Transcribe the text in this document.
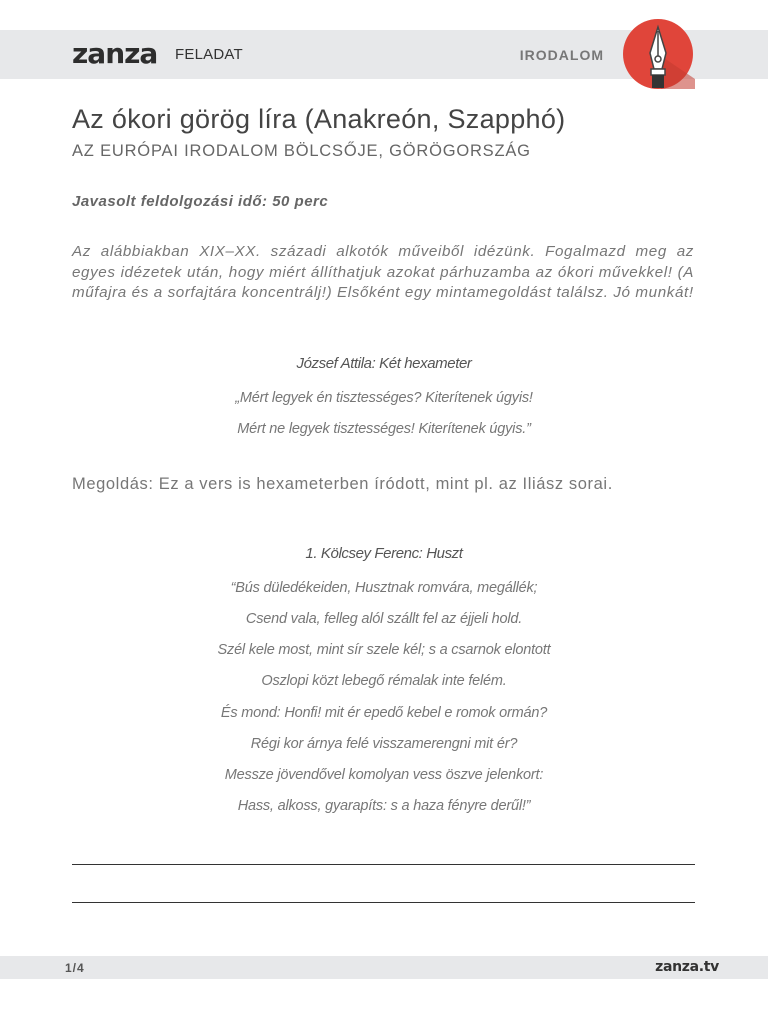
zanza FELADAT	IRODALOM
Az ókori görög líra (Anakreón, Szapphó)
AZ EURÓPAI IRODALOM BÖLCSŐJE, GÖRÖGORSZÁG
Javasolt feldolgozási idő: 50 perc
Az alábbiakban XIX–XX. századi alkotók műveiből idézünk. Fogalmazd meg az egyes idézetek után, hogy miért állíthatjuk azokat párhuzamba az ókori művekkel! (A műfajra és a sorfajtára koncentrálj!) Elsőként egy mintamegoldást találsz. Jó munkát!
József Attila: Két hexameter
„Mért legyek én tisztességes? Kiterítenek úgyis!
Mért ne legyek tisztességes! Kiterítenek úgyis.”
Megoldás: Ez a vers is hexameterben íródott, mint pl. az Iliász sorai.
1. Kölcsey Ferenc: Huszt
“Bús düledékeiden, Husztnak romvára, megállék;
Csend vala, felleg alól szállt fel az éjjeli hold.
Szél kele most, mint sír szele kél; s a csarnok elontott
Oszlopi közt lebegő rémalak inte felém.
És mond: Honfi! mit ér epedő kebel e romok ormán?
Régi kor árnya felé visszamerengni mit ér?
Messze jövendővel komolyan vess öszve jelenkort:
Hass, alkoss, gyarapíts: s a haza fényre derűl!”
1/4	zanza.tv
